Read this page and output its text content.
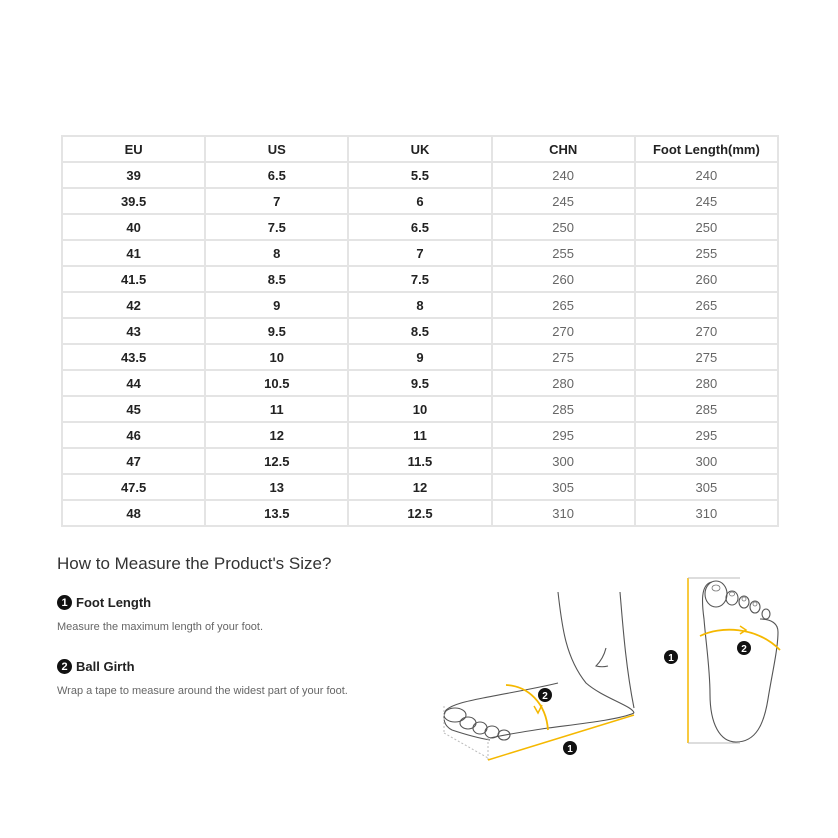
EU	US	UK	CHN	Foot Length(mm)
39	6.5	5.5	240	240
39.5	7	6	245	245
40	7.5	6.5	250	250
41	8	7	255	255
41.5	8.5	7.5	260	260
42	9	8	265	265
43	9.5	8.5	270	270
43.5	10	9	275	275
44	10.5	9.5	280	280
45	11	10	285	285
46	12	11	295	295
47	12.5	11.5	300	300
47.5	13	12	305	305
48	13.5	12.5	310	310
How to Measure the Product's Size?
1 Foot Length
Measure the maximum length of your foot.
2 Ball Girth
Wrap a tape to measure around the widest part of your foot.	2
1
2
1
